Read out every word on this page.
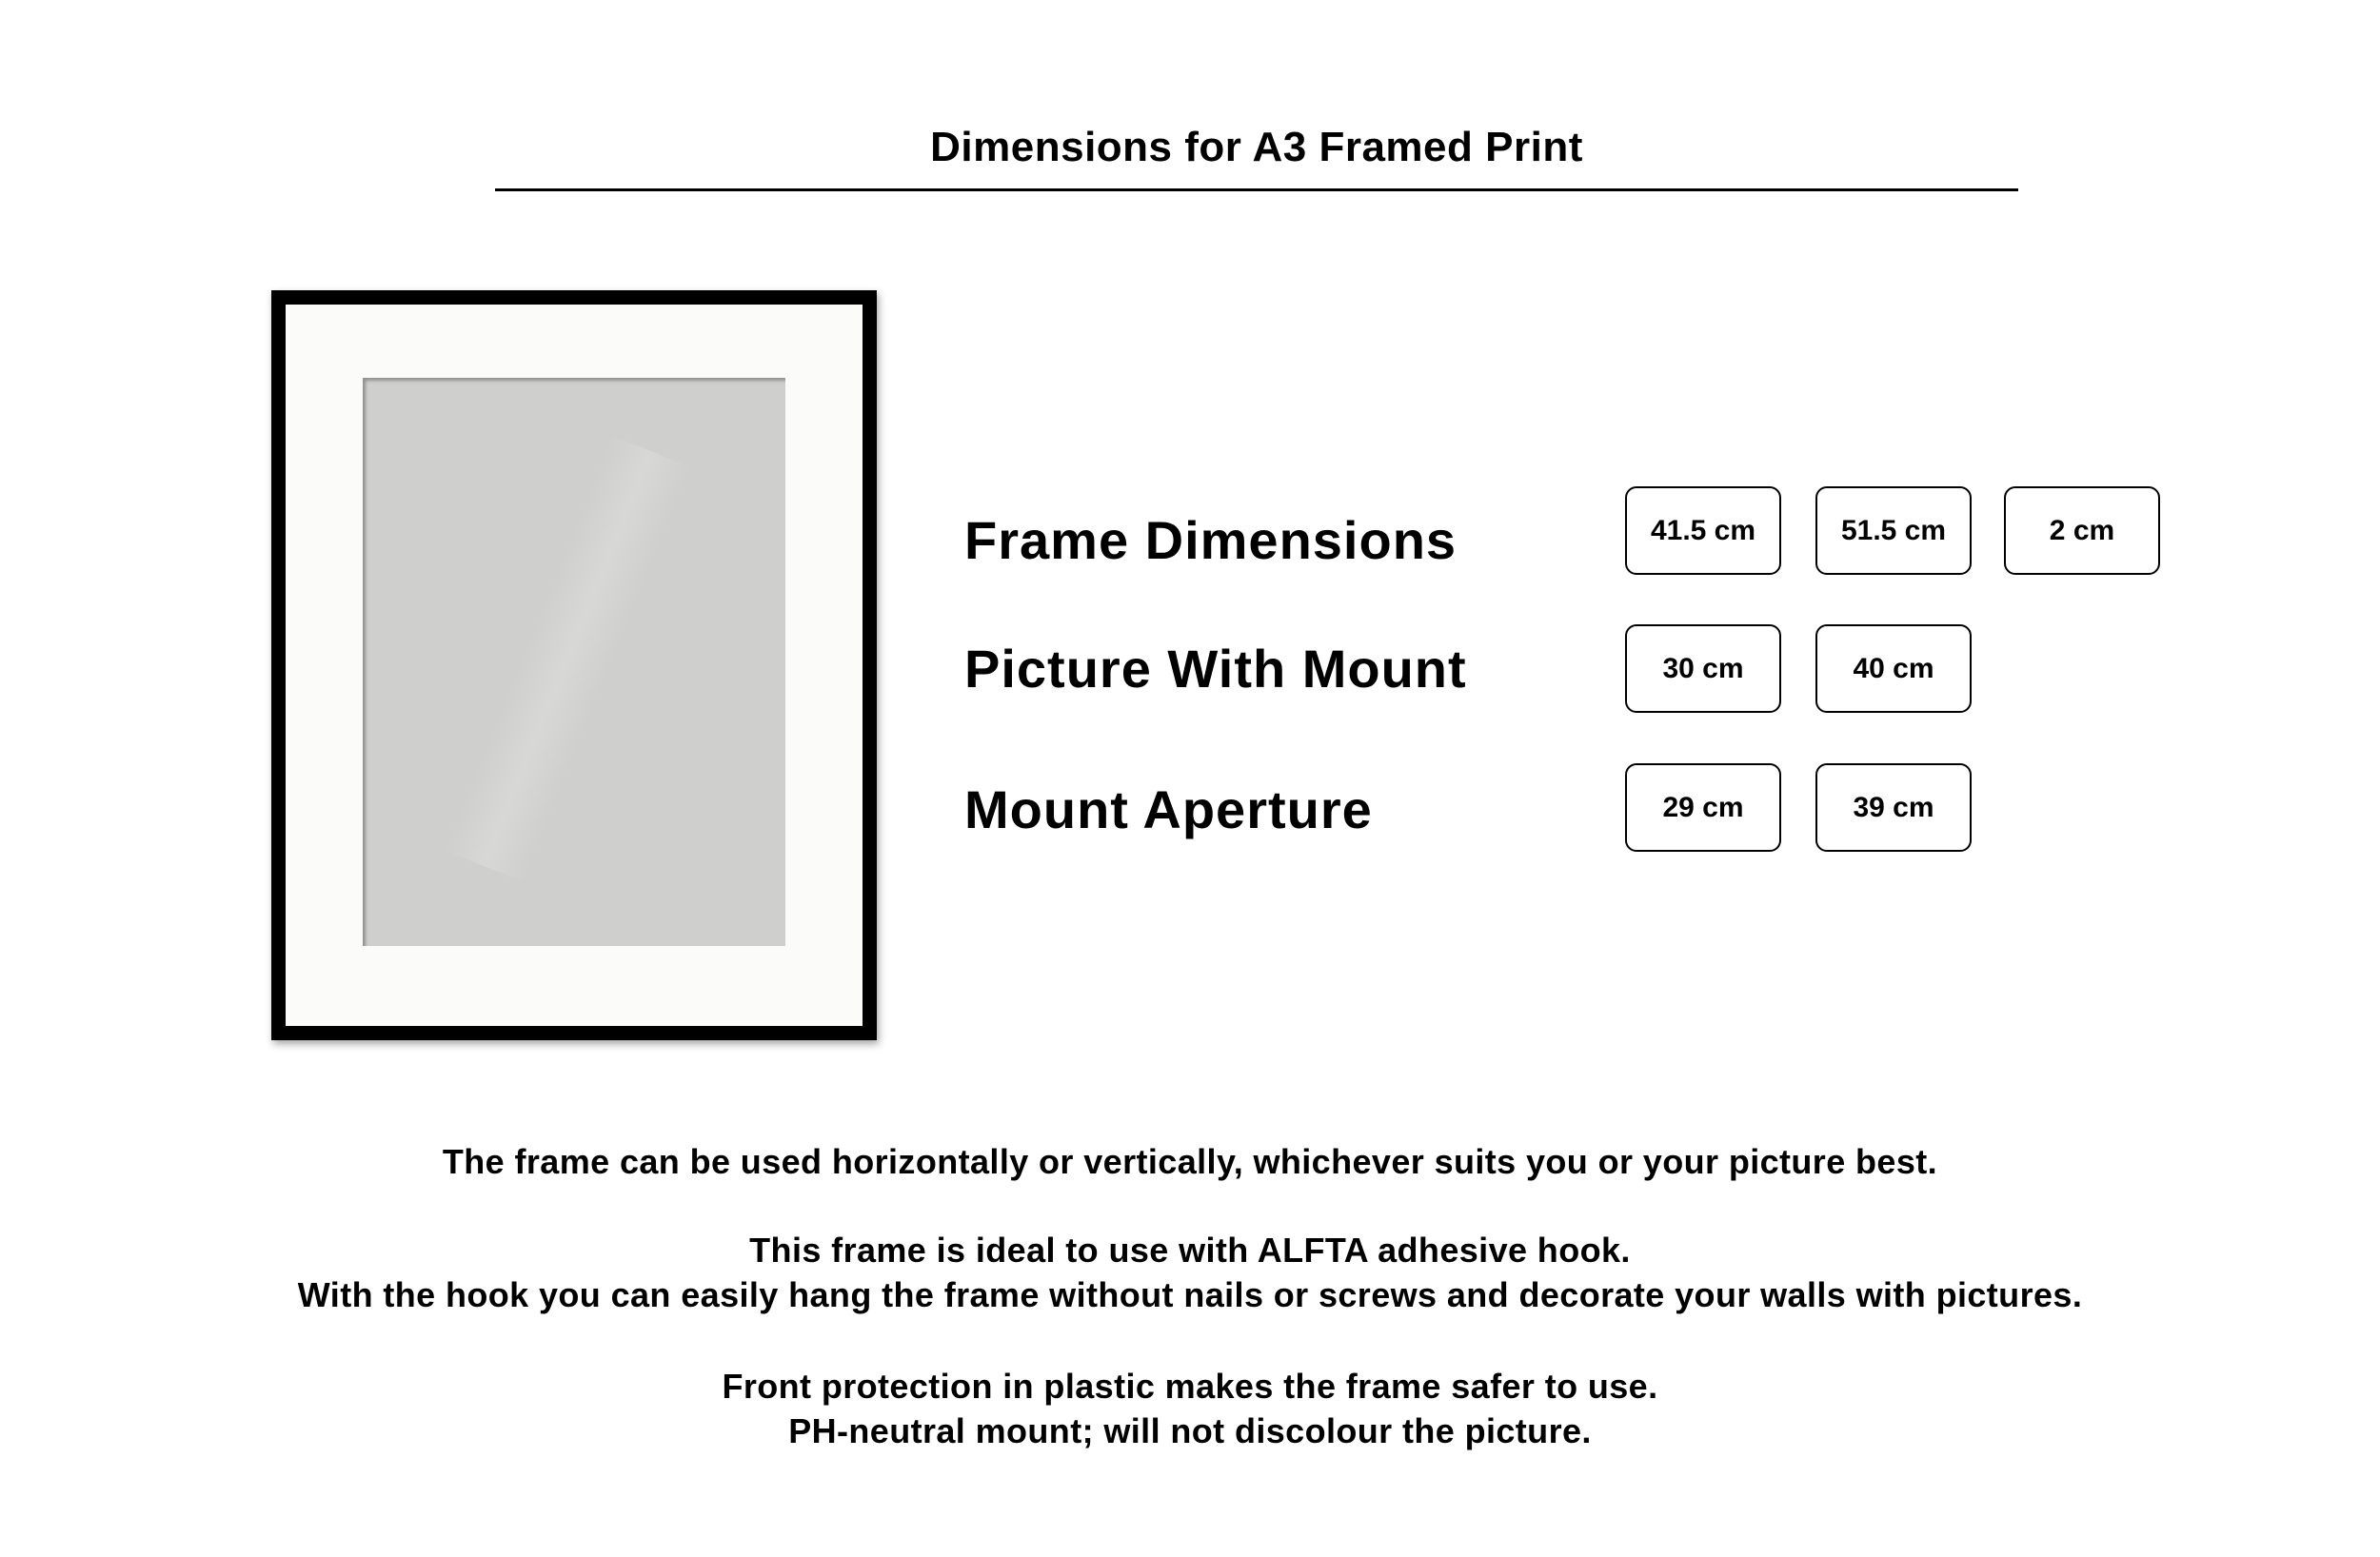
Dimensions for A3 Framed Print
Frame Dimensions	41.5 cm	51.5 cm	2 cm
Picture With Mount	30 cm	40 cm
Mount Aperture	29 cm	39 cm
The frame can be used horizontally or vertically, whichever suits you or your picture best.
This frame is ideal to use with ALFTA adhesive hook.
With the hook you can easily hang the frame without nails or screws and decorate your walls with pictures.
Front protection in plastic makes the frame safer to use.
PH-neutral mount; will not discolour the picture.
